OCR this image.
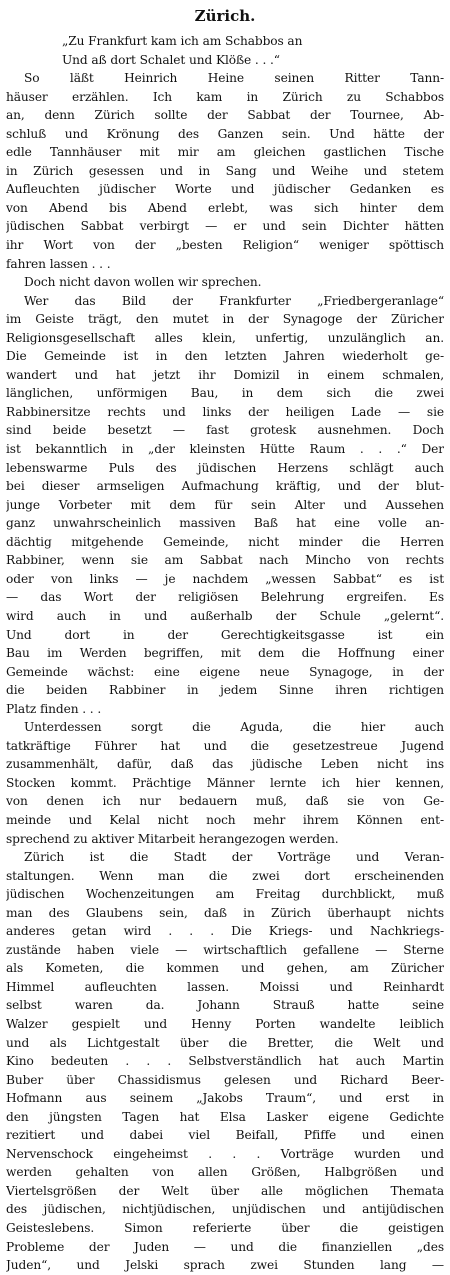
Zürich.
„Zu Frankfurt kam ich am Schabbos an
Und aß dort Schalet und Klöße . . .“
So läßt Heinrich Heine seinen Ritter Tann-
häuser erzählen. Ich kam in Zürich zu Schabbos
an, denn Zürich sollte der Sabbat der Tournee, Ab-
schluß und Krönung des Ganzen sein. Und hätte der
edle Tannhäuser mit mir am gleichen gastlichen Tische
in Zürich gesessen und in Sang und Weihe und stetem
Aufleuchten jüdischer Worte und jüdischer Gedanken es
von Abend bis Abend erlebt, was sich hinter dem
jüdischen Sabbat verbirgt — er und sein Dichter hätten
ihr Wort von der „besten Religion“ weniger spöttisch
fahren lassen . . .
Doch nicht davon wollen wir sprechen.
Wer das Bild der Frankfurter „Friedbergeranlage“
im Geiste trägt, den mutet in der Synagoge der Züricher
Religionsgesellschaft alles klein, unfertig, unzulänglich an.
Die Gemeinde ist in den letzten Jahren wiederholt ge-
wandert und hat jetzt ihr Domizil in einem schmalen,
länglichen, unförmigen Bau, in dem sich die zwei
Rabbinersitze rechts und links der heiligen Lade — sie
sind beide besetzt — fast grotesk ausnehmen. Doch
ist bekanntlich in „der kleinsten Hütte Raum . . .“ Der
lebenswarme Puls des jüdischen Herzens schlägt auch
bei dieser armseligen Aufmachung kräftig, und der blut-
junge Vorbeter mit dem für sein Alter und Aussehen
ganz unwahrscheinlich massiven Baß hat eine volle an-
dächtig mitgehende Gemeinde, nicht minder die Herren
Rabbiner, wenn sie am Sabbat nach Mincho von rechts
oder von links — je nachdem „wessen Sabbat“ es ist
— das Wort der religiösen Belehrung ergreifen. Es
wird auch in und außerhalb der Schule „gelernt“.
Und dort in der Gerechtigkeitsgasse ist ein
Bau im Werden begriffen, mit dem die Hoffnung einer
Gemeinde wächst: eine eigene neue Synagoge, in der
die beiden Rabbiner in jedem Sinne ihren richtigen
Platz finden . . .
Unterdessen sorgt die Aguda, die hier auch
tatkräftige Führer hat und die gesetzestreue Jugend
zusammenhält, dafür, daß das jüdische Leben nicht ins
Stocken kommt. Prächtige Männer lernte ich hier kennen,
von denen ich nur bedauern muß, daß sie von Ge-
meinde und Kelal nicht noch mehr ihrem Können ent-
sprechend zu aktiver Mitarbeit herangezogen werden.
Zürich ist die Stadt der Vorträge und Veran-
staltungen. Wenn man die zwei dort erscheinenden
jüdischen Wochenzeitungen am Freitag durchblickt, muß
man des Glaubens sein, daß in Zürich überhaupt nichts
anderes getan wird . . . Die Kriegs- und Nachkriegs-
zustände haben viele — wirtschaftlich gefallene — Sterne
als Kometen, die kommen und gehen, am Züricher
Himmel aufleuchten lassen. Moissi und Reinhardt
selbst waren da. Johann Strauß hatte seine
Walzer gespielt und Henny Porten wandelte leiblich
und als Lichtgestalt über die Bretter, die Welt und
Kino bedeuten . . . Selbstverständlich hat auch Martin
Buber über Chassidismus gelesen und Richard Beer-
Hofmann aus seinem „Jakobs Traum“, und erst in
den jüngsten Tagen hat Elsa Lasker eigene Gedichte
rezitiert und dabei viel Beifall, Pfiffe und einen
Nervenschock eingeheimst . . . Vorträge wurden und
werden gehalten von allen Größen, Halbgrößen und
Viertelsgrößen der Welt über alle möglichen Themata
des jüdischen, nichtjüdischen, unjüdischen und antijüdischen
Geisteslebens. Simon referierte über die geistigen
Probleme der Juden — und die finanziellen „des
Juden“, und Jelski sprach zwei Stunden lang —
